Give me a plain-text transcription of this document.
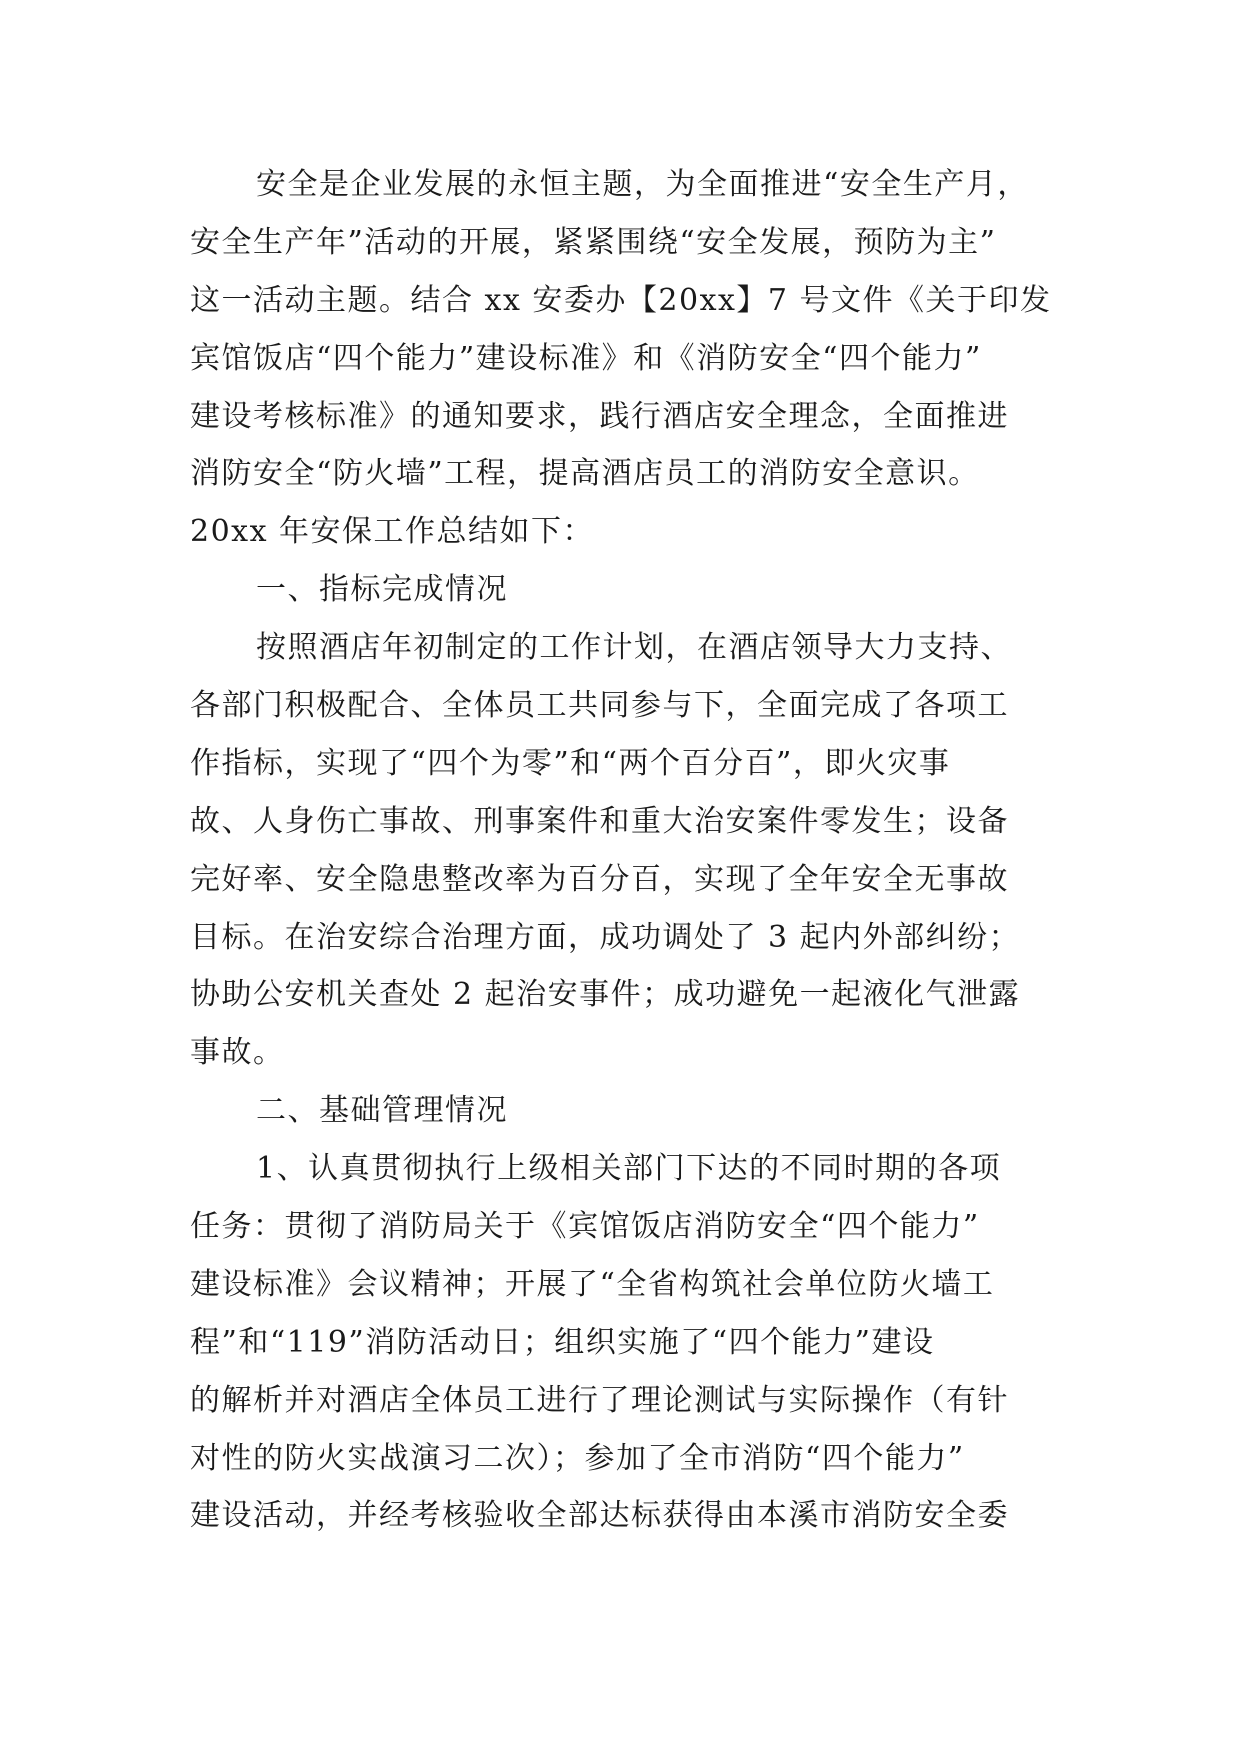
安全是企业发展的永恒主题，为全面推进“安全生产月，
安全生产年”活动的开展，紧紧围绕“安全发展，预防为主”
这一活动主题。结合 xx 安委办【20xx】7 号文件《关于印发
宾馆饭店“四个能力”建设标准》和《消防安全“四个能力”
建设考核标准》的通知要求，践行酒店安全理念，全面推进
消防安全“防火墙”工程，提高酒店员工的消防安全意识。
20xx 年安保工作总结如下：
一、指标完成情况
按照酒店年初制定的工作计划，在酒店领导大力支持、
各部门积极配合、全体员工共同参与下，全面完成了各项工
作指标，实现了“四个为零”和“两个百分百”，即火灾事
故、人身伤亡事故、刑事案件和重大治安案件零发生；设备
完好率、安全隐患整改率为百分百，实现了全年安全无事故
目标。在治安综合治理方面，成功调处了 3 起内外部纠纷；
协助公安机关查处 2 起治安事件；成功避免一起液化气泄露
事故。
二、基础管理情况
1、认真贯彻执行上级相关部门下达的不同时期的各项
任务：贯彻了消防局关于《宾馆饭店消防安全“四个能力”
建设标准》会议精神；开展了“全省构筑社会单位防火墙工
程”和“119”消防活动日；组织实施了“四个能力”建设
的解析并对酒店全体员工进行了理论测试与实际操作（有针
对性的防火实战演习二次）；参加了全市消防“四个能力”
建设活动，并经考核验收全部达标获得由本溪市消防安全委
